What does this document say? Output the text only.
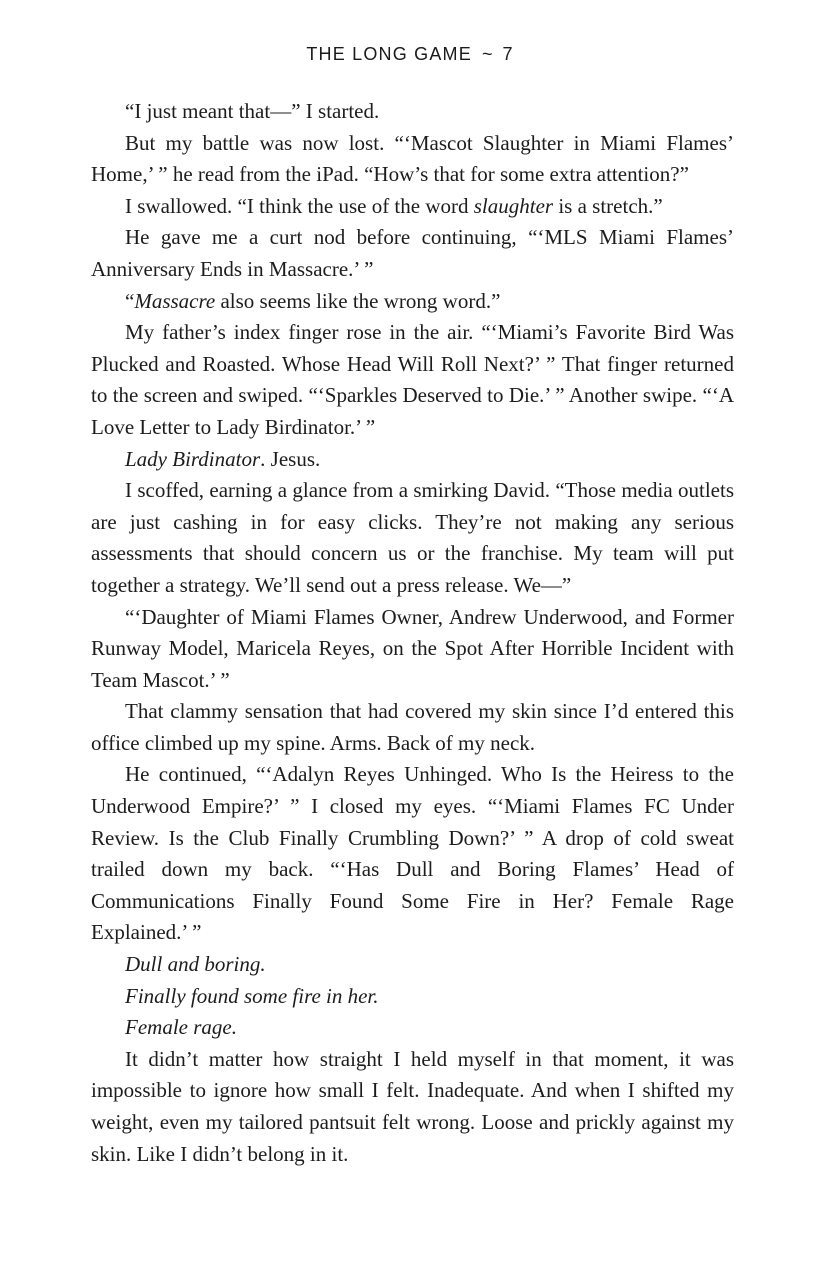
THE LONG GAME ~ 7

“I just meant that—” I started.

But my battle was now lost. “‘Mascot Slaughter in Miami Flames’ Home,’ ” he read from the iPad. “How’s that for some extra attention?”

I swallowed. “I think the use of the word slaughter is a stretch.”

He gave me a curt nod before continuing, “‘MLS Miami Flames’ Anniversary Ends in Massacre.’ ”

“Massacre also seems like the wrong word.”

My father’s index finger rose in the air. “‘Miami’s Favorite Bird Was Plucked and Roasted. Whose Head Will Roll Next?’ ” That finger returned to the screen and swiped. “‘Sparkles Deserved to Die.’ ” Another swipe. “‘A Love Letter to Lady Birdinator.’ ”

Lady Birdinator. Jesus.

I scoffed, earning a glance from a smirking David. “Those media outlets are just cashing in for easy clicks. They’re not making any serious assessments that should concern us or the franchise. My team will put together a strategy. We’ll send out a press release. We—”

“‘Daughter of Miami Flames Owner, Andrew Underwood, and Former Runway Model, Maricela Reyes, on the Spot After Horrible Incident with Team Mascot.’ ”

That clammy sensation that had covered my skin since I’d entered this office climbed up my spine. Arms. Back of my neck.

He continued, “‘Adalyn Reyes Unhinged. Who Is the Heiress to the Underwood Empire?’ ” I closed my eyes. “‘Miami Flames FC Under Review. Is the Club Finally Crumbling Down?’ ” A drop of cold sweat trailed down my back. “‘Has Dull and Boring Flames’ Head of Communications Finally Found Some Fire in Her? Female Rage Explained.’ ”

Dull and boring.

Finally found some fire in her.

Female rage.

It didn’t matter how straight I held myself in that moment, it was impossible to ignore how small I felt. Inadequate. And when I shifted my weight, even my tailored pantsuit felt wrong. Loose and prickly against my skin. Like I didn’t belong in it.
